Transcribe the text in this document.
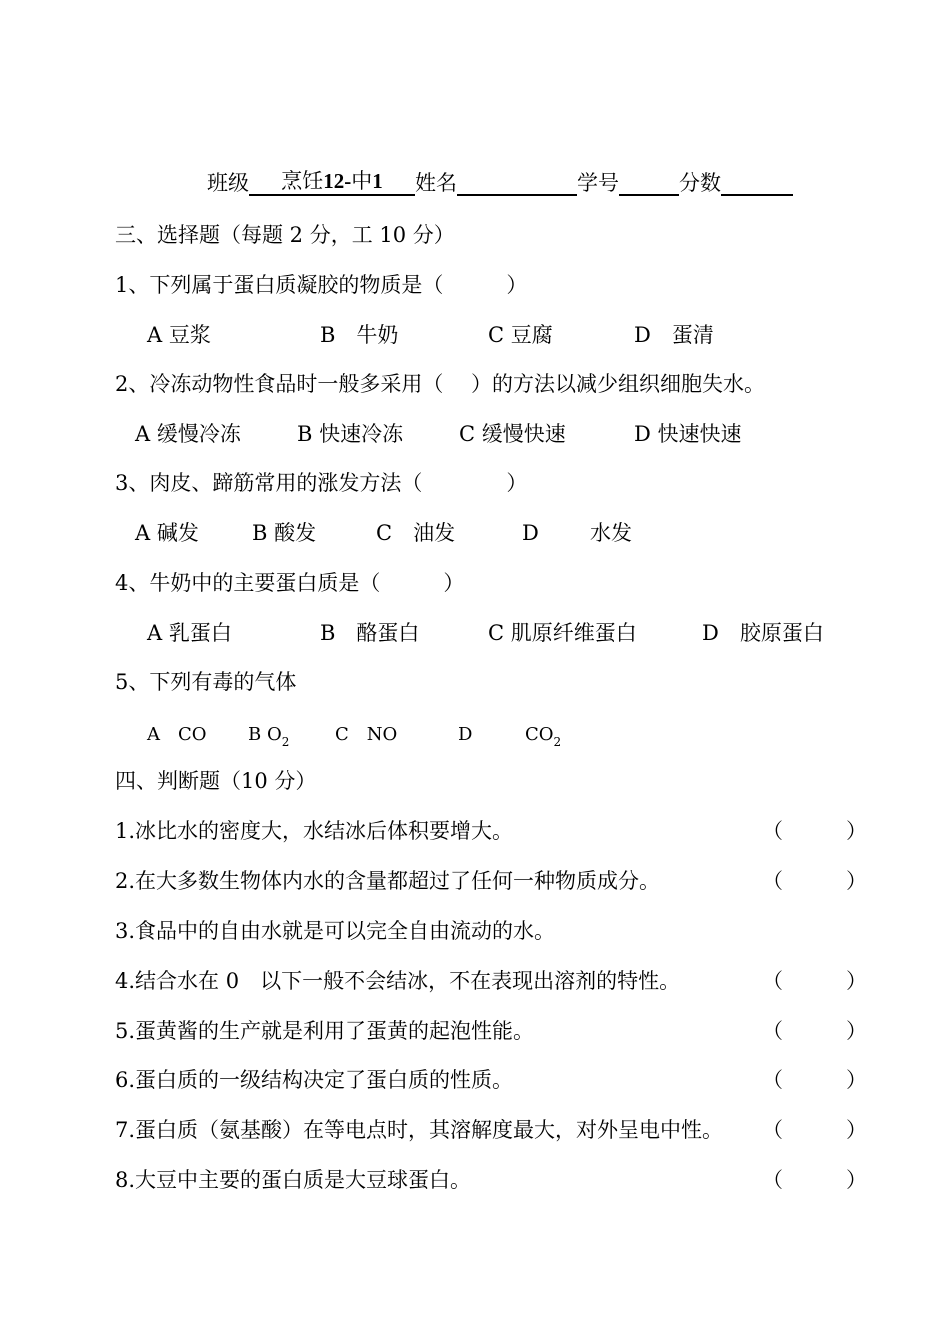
班级 烹饪12-中1 姓名	学号	分数
三、选择题（每题 2 分，工 10 分）
1、下列属于蛋白质凝胶的物质是（　　　）
A 豆浆	B　牛奶	C 豆腐	D　蛋清
2、冷冻动物性食品时一般多采用（　 ）的方法以减少组织细胞失水。
A 缓慢冷冻	B 快速冷冻	C 缓慢快速	D 快速快速
3、肉皮、蹄筋常用的涨发方法（　　　　）
A 碱发	B 酸发	C　油发	D 水发
4、牛奶中的主要蛋白质是（　　　）
A 乳蛋白	B　酪蛋白	C 肌原纤维蛋白	D　胶原蛋白
5、下列有毒的气体
A　CO B $O_2$	C　NO	D	$CO_2$
四、判断题（10 分）
1.冰比水的密度大，水结冰后体积要增大。	（　　　）
2.在大多数生物体内水的含量都超过了任何一种物质成分。	（　　　）
3.食品中的自由水就是可以完全自由流动的水。
4.结合水在 0　以下一般不会结冰，不在表现出溶剂的特性。	（　　　）
5.蛋黄酱的生产就是利用了蛋黄的起泡性能。	（　　　）
6.蛋白质的一级结构决定了蛋白质的性质。	（　　　）
7.蛋白质（氨基酸）在等电点时，其溶解度最大，对外呈电中性。 （　　　）
8.大豆中主要的蛋白质是大豆球蛋白。	（　　　）
